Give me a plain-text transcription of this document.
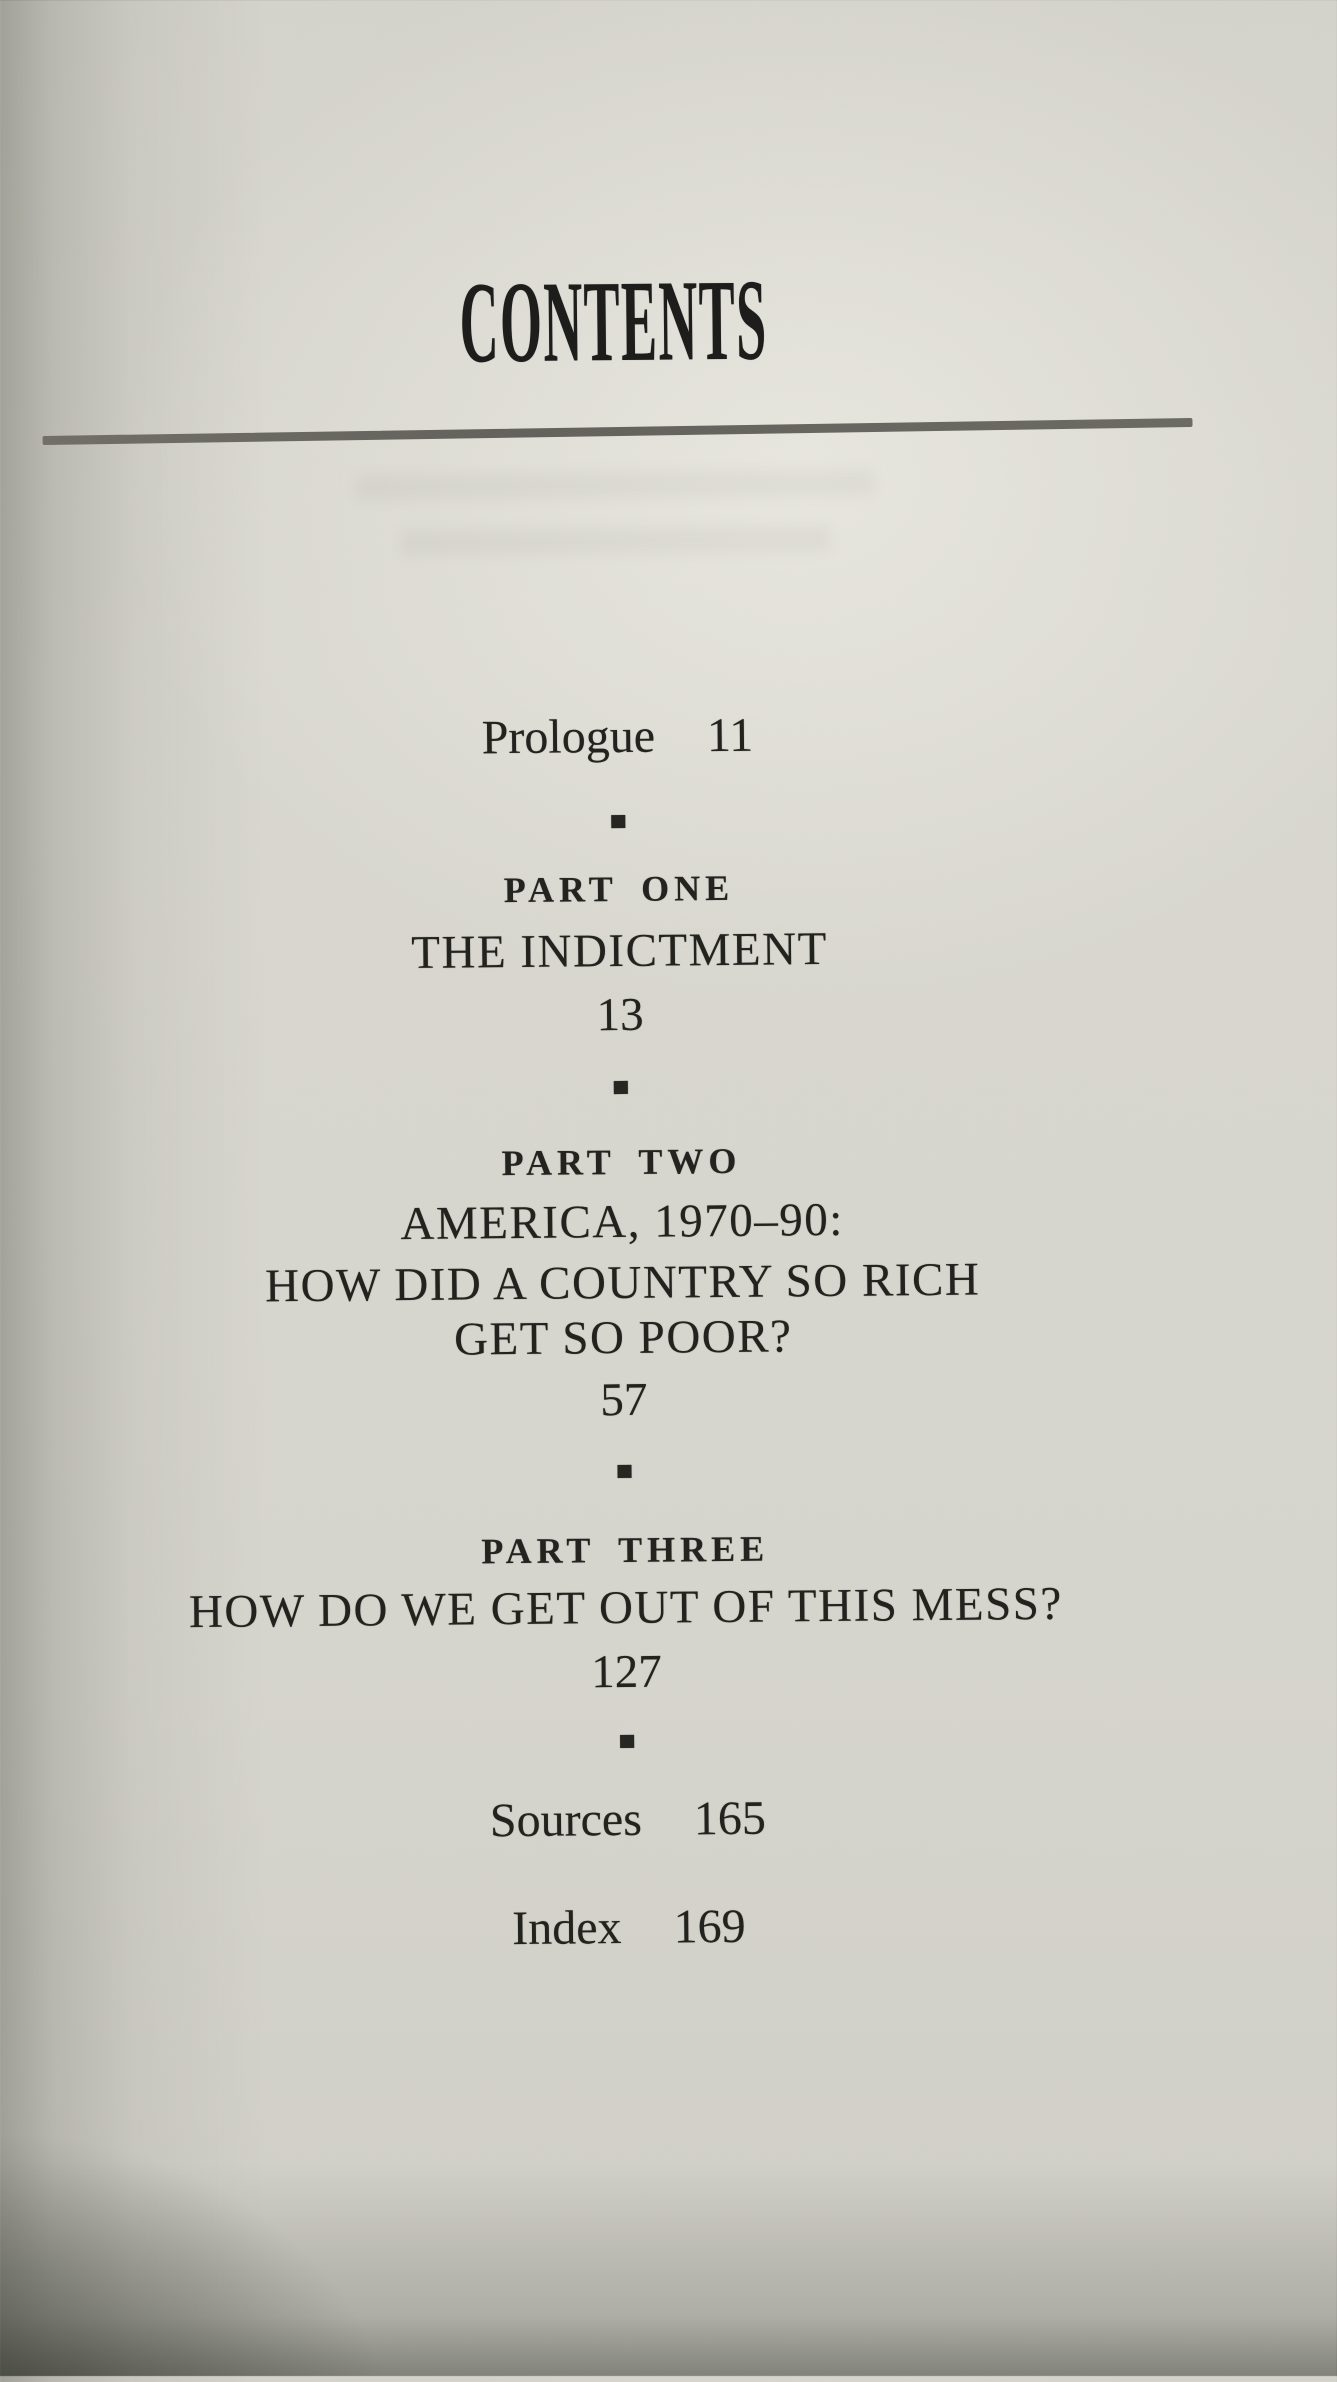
CONTENTS
Prologue 11
PART ONE
THE INDICTMENT
13
PART TWO
AMERICA, 1970–90:
HOW DID A COUNTRY SO RICH
GET SO POOR?
57
PART THREE
HOW DO WE GET OUT OF THIS MESS?
127
Sources 165
Index 169
